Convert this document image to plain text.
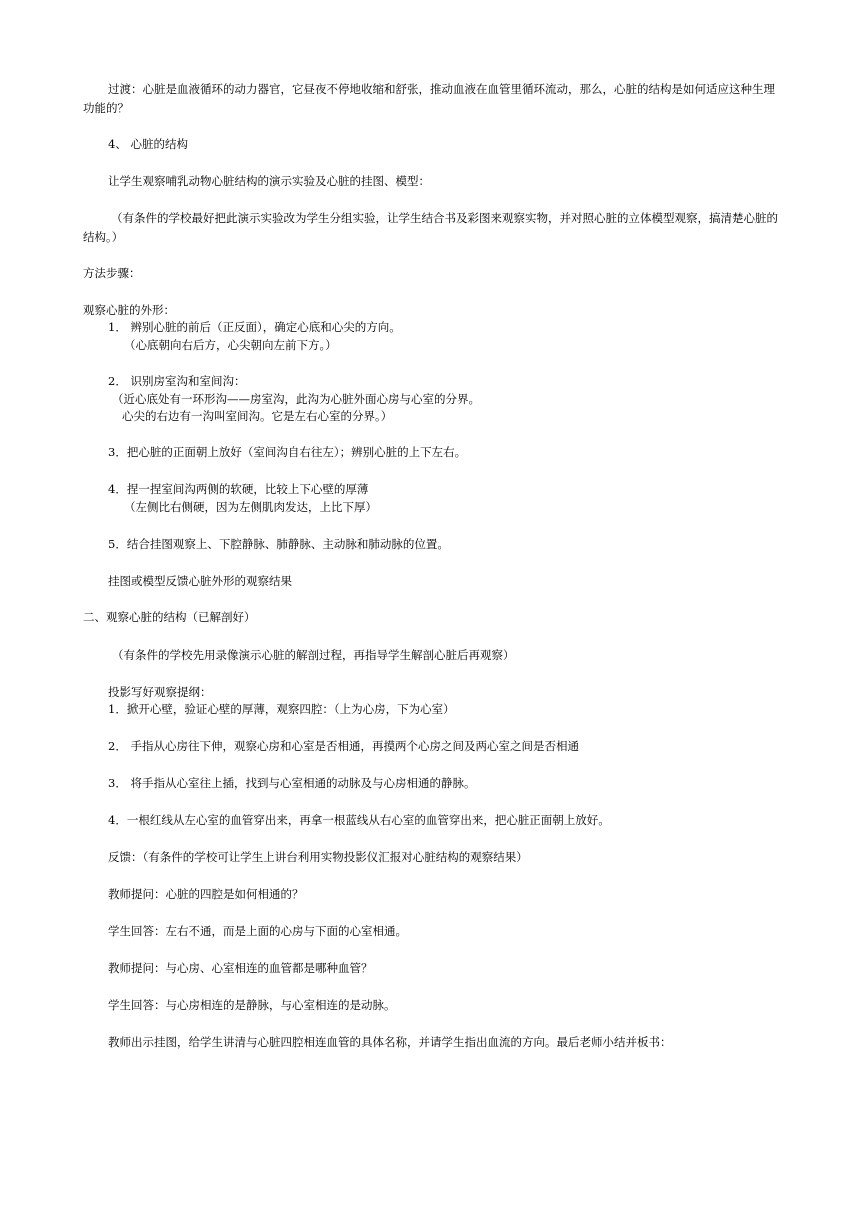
过渡：心脏是血液循环的动力器官，它昼夜不停地收缩和舒张，推动血液在血管里循环流动，那么，心脏的结构是如何适应这种生理功能的？
4、 心脏的结构
让学生观察哺乳动物心脏结构的演示实验及心脏的挂图、模型：
（有条件的学校最好把此演示实验改为学生分组实验，让学生结合书及彩图来观察实物，并对照心脏的立体模型观察，搞清楚心脏的结构。）
方法步骤：
观察心脏的外形：
1． 辨别心脏的前后（正反面），确定心底和心尖的方向。
（心底朝向右后方，心尖朝向左前下方。）
2． 识别房室沟和室间沟：
（近心底处有一环形沟——房室沟，此沟为心脏外面心房与心室的分界。
心尖的右边有一沟叫室间沟。它是左右心室的分界。）
3．把心脏的正面朝上放好（室间沟自右往左）；辨别心脏的上下左右。
4．捏一捏室间沟两侧的软硬，比较上下心壁的厚薄
（左侧比右侧硬，因为左侧肌肉发达，上比下厚）
5．结合挂图观察上、下腔静脉、肺静脉、主动脉和肺动脉的位置。
挂图或模型反馈心脏外形的观察结果
二、观察心脏的结构（已解剖好）
（有条件的学校先用录像演示心脏的解剖过程，再指导学生解剖心脏后再观察）
投影写好观察提纲：
1．掀开心壁，验证心壁的厚薄，观察四腔：（上为心房，下为心室）
2． 手指从心房往下伸，观察心房和心室是否相通，再摸两个心房之间及两心室之间是否相通
3． 将手指从心室往上插，找到与心室相通的动脉及与心房相通的静脉。
4．一根红线从左心室的血管穿出来，再拿一根蓝线从右心室的血管穿出来，把心脏正面朝上放好。
反馈：（有条件的学校可让学生上讲台利用实物投影仪汇报对心脏结构的观察结果）
教师提问：心脏的四腔是如何相通的？
学生回答：左右不通，而是上面的心房与下面的心室相通。
教师提问：与心房、心室相连的血管都是哪种血管？
学生回答：与心房相连的是静脉，与心室相连的是动脉。
教师出示挂图，给学生讲清与心脏四腔相连血管的具体名称，并请学生指出血流的方向。最后老师小结并板书：
